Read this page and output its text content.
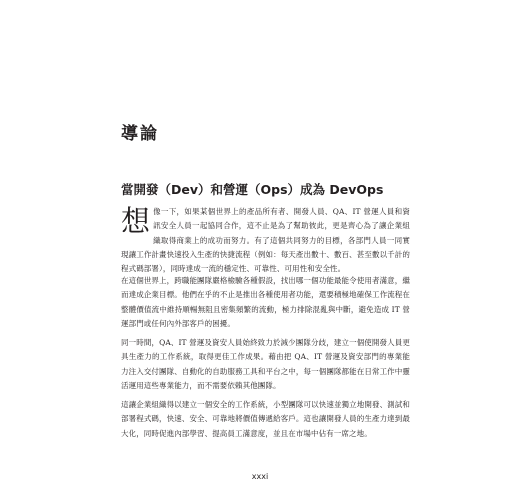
導論
當開發（Dev）和營運（Ops）成為 DevOps

想像一下，如果某個世界上的產品所有者、開發人員、QA、IT 營運人員和資訊安全人員一起協同合作，這不止是為了幫助彼此，更是齊心為了讓企業組織取得商業上的成功而努力。有了這個共同努力的目標，各部門人員一同實現讓工作計畫快速投入生產的快捷流程（例如：每天產出數十、數百、甚至數以千計的程式碼部署），同時達成一流的穩定性、可靠性、可用性和安全性。

在這個世界上，跨職能團隊嚴格檢驗各種假設，找出哪一個功能最能令使用者滿意，繼而達成企業目標。他們在乎的不止是推出各種使用者功能，還要積極地確保工作流程在整體價值流中維持順暢無阻且密集頻繁的流動，極力排除混亂與中斷，避免造成 IT 營運部門或任何內外部客戶的困擾。

同一時間，QA、IT 營運及資安人員始終致力於減少團隊分歧，建立一個使開發人員更具生產力的工作系統，取得更佳工作成果。藉由把 QA、IT 營運及資安部門的專業能力注入交付團隊、自動化的自助服務工具和平台之中，每一個團隊都能在日常工作中靈活運用這些專業能力，而不需要依賴其他團隊。

這讓企業組織得以建立一個安全的工作系統，小型團隊可以快速並獨立地開發、測試和部署程式碼，快速、安全、可靠地將價值傳遞給客戶。這也讓開發人員的生產力達到最大化，同時促進內部學習、提高員工滿意度，並且在市場中佔有一席之地。

xxxi
